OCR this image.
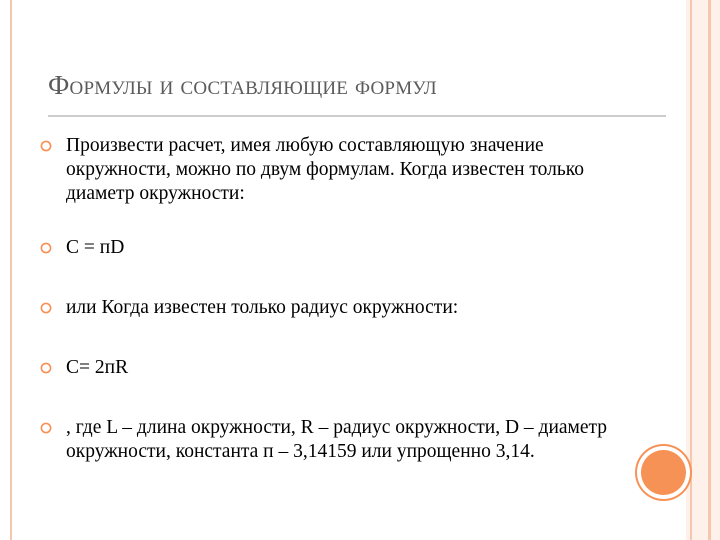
Формулы и составляющие формул
Произвести расчет, имея любую составляющую значение окружности, можно по двум формулам. Когда известен только диаметр окружности:
C = пD
или Когда известен только радиус окружности:
C= 2пR
, где L – длина окружности, R – радиус окружности, D – диаметр окружности, константа п – 3,14159 или упрощенно 3,14.
